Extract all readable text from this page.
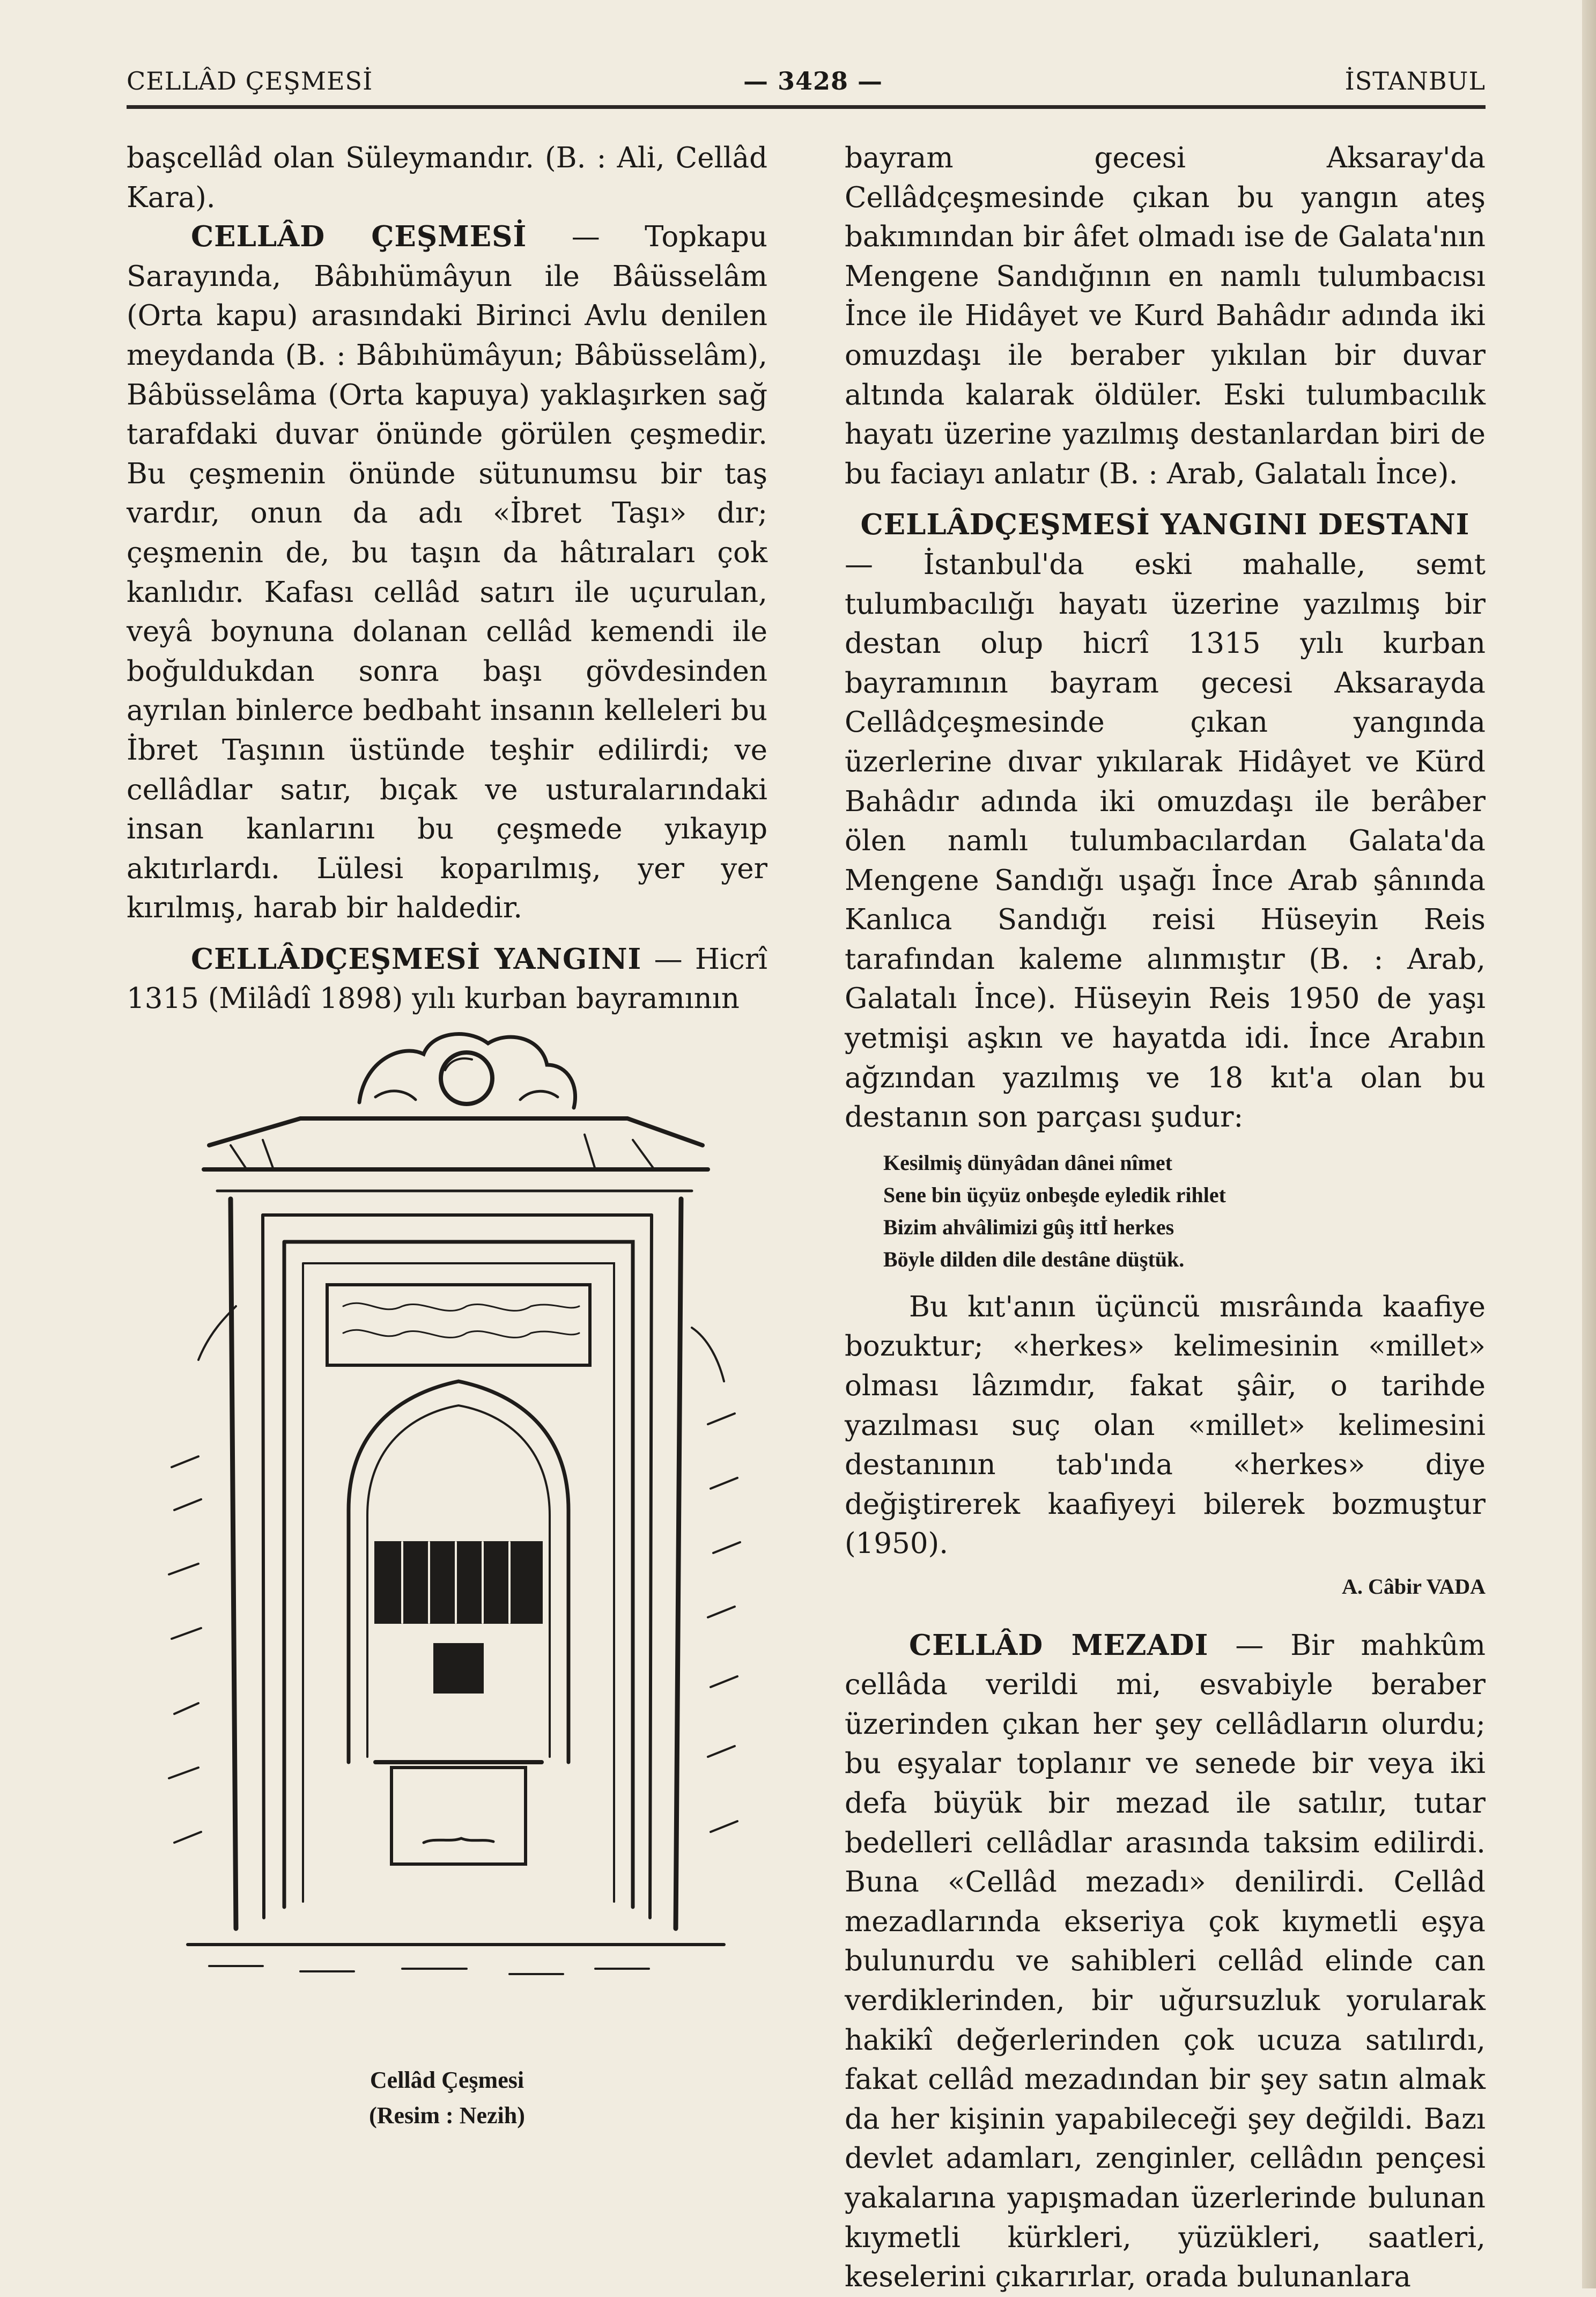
CELLÂD ÇEŞMESİ	— 3428 —	İSTANBUL

başcellâd olan Süleymandır. (B. : Ali, Cellâd Kara).

CELLÂD ÇEŞMESİ — Topkapu Sarayında, Bâbıhümâyun ile Bâüsselâm (Orta kapu) arasındaki Birinci Avlu denilen meydanda (B. : Bâbıhümâyun; Bâbüsselâm), Bâbüsselâma (Orta kapuya) yaklaşırken sağ tarafdaki duvar önünde görülen çeşmedir. Bu çeşmenin önünde sütunumsu bir taş vardır, onun da adı «İbret Taşı» dır; çeşmenin de, bu taşın da hâtıraları çok kanlıdır. Kafası cellâd satırı ile uçurulan, veyâ boynuna dolanan cellâd kemendi ile boğuldukdan sonra başı gövdesinden ayrılan binlerce bedbaht insanın kelleleri bu İbret Taşının üstünde teşhir edilirdi; ve cellâdlar satır, bıçak ve usturalarındaki insan kanlarını bu çeşmede yıkayıp akıtırlardı. Lülesi koparılmış, yer yer kırılmış, harab bir haldedir.

CELLÂDÇEŞMESİ YANGINI — Hicrî 1315 (Milâdî 1898) yılı kurban bayramının

Cellâd Çeşmesi
(Resim : Nezih)

bayram gecesi Aksaray'da Cellâdçeşmesinde çıkan bu yangın ateş bakımından bir âfet olmadı ise de Galata'nın Mengene Sandığının en namlı tulumbacısı İnce ile Hidâyet ve Kurd Bahâdır adında iki omuzdaşı ile beraber yıkılan bir duvar altında kalarak öldüler. Eski tulumbacılık hayatı üzerine yazılmış destanlardan biri de bu faciayı anlatır (B. : Arab, Galatalı İnce).

CELLÂDÇEŞMESİ YANGINI DESTANI

— İstanbul'da eski mahalle, semt tulumbacılığı hayatı üzerine yazılmış bir destan olup hicrî 1315 yılı kurban bayramının bayram gecesi Aksarayda Cellâdçeşmesinde çıkan yangında üzerlerine dıvar yıkılarak Hidâyet ve Kürd Bahâdır adında iki omuzdaşı ile berâber ölen namlı tulumbacılardan Galata'da Mengene Sandığı uşağı İnce Arab şânında Kanlıca Sandığı reisi Hüseyin Reis tarafından kaleme alınmıştır (B. : Arab, Galatalı İnce). Hüseyin Reis 1950 de yaşı yetmişi aşkın ve hayatda idi. İnce Arabın ağzından yazılmış ve 18 kıt'a olan bu destanın son parçası şudur:

Kesilmiş dünyâdan dânei nîmet
Sene bin üçyüz onbeşde eyledik rihlet
Bizim ahvâlimizi gûş ittİ herkes
Böyle dilden dile destâne düştük.

Bu kıt'anın üçüncü mısrâında kaafiye bozuktur; «herkes» kelimesinin «millet» olması lâzımdır, fakat şâir, o tarihde yazılması suç olan «millet» kelimesini destanının tab'ında «herkes» diye değiştirerek kaafiyeyi bilerek bozmuştur (1950).

A. Câbir VADA

CELLÂD MEZADI — Bir mahkûm cellâda verildi mi, esvabiyle beraber üzerinden çıkan her şey cellâdların olurdu; bu eşyalar toplanır ve senede bir veya iki defa büyük bir mezad ile satılır, tutar bedelleri cellâdlar arasında taksim edilirdi. Buna «Cellâd mezadı» denilirdi. Cellâd mezadlarında ekseriya çok kıymetli eşya bulunurdu ve sahibleri cellâd elinde can verdiklerinden, bir uğursuzluk yorularak hakikî değerlerinden çok ucuza satılırdı, fakat cellâd mezadından bir şey satın almak da her kişinin yapabileceği şey değildi. Bazı devlet adamları, zenginler, cellâdın pençesi yakalarına yapışmadan üzerlerinde bulunan kıymetli kürkleri, yüzükleri, saatleri, keselerini çıkarırlar, orada bulunanlara
